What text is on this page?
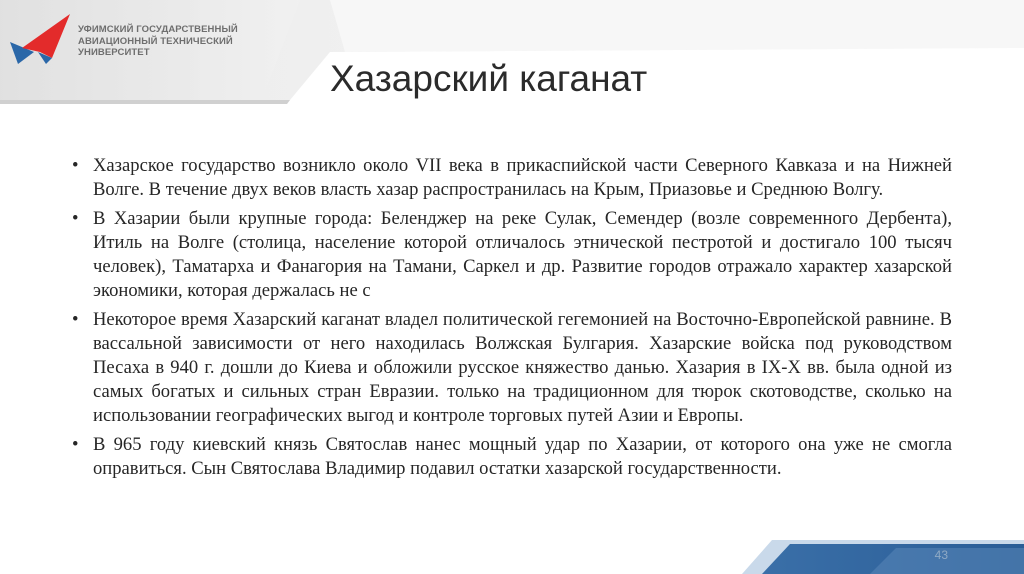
УФИМСКИЙ ГОСУДАРСТВЕННЫЙ
АВИАЦИОННЫЙ ТЕХНИЧЕСКИЙ
УНИВЕРСИТЕТ
Хазарский каганат
• Хазарское государство возникло около VII века в прикаспийской части Северного Кавказа и на Нижней Волге. В течение двух веков власть хазар распространилась на Крым, Приазовье и Среднюю Волгу.
• В Хазарии были крупные города: Беленджер на реке Сулак, Семендер (возле современного Дербента), Итиль на Волге (столица, население которой отличалось этнической пестротой и достигало 100 тысяч человек), Таматарха и Фанагория на Тамани, Саркел и др. Развитие городов отражало характер хазарской экономики, которая держалась не с
• Некоторое время Хазарский каганат владел политической гегемонией на Восточно-Европейской равнине. В вассальной зависимости от него находилась Волжская Булгария. Хазарские войска под руководством Песаха в 940 г. дошли до Киева и обложили русское княжество данью. Хазария в IX-X вв. была одной из самых богатых и сильных стран Евразии. только на традиционном для тюрок скотоводстве, сколько на использовании географических выгод и контроле торговых путей Азии и Европы.
• В 965 году киевский князь Святослав нанес мощный удар по Хазарии, от которого она уже не смогла оправиться. Сын Святослава Владимир подавил остатки хазарской государственности.
43
